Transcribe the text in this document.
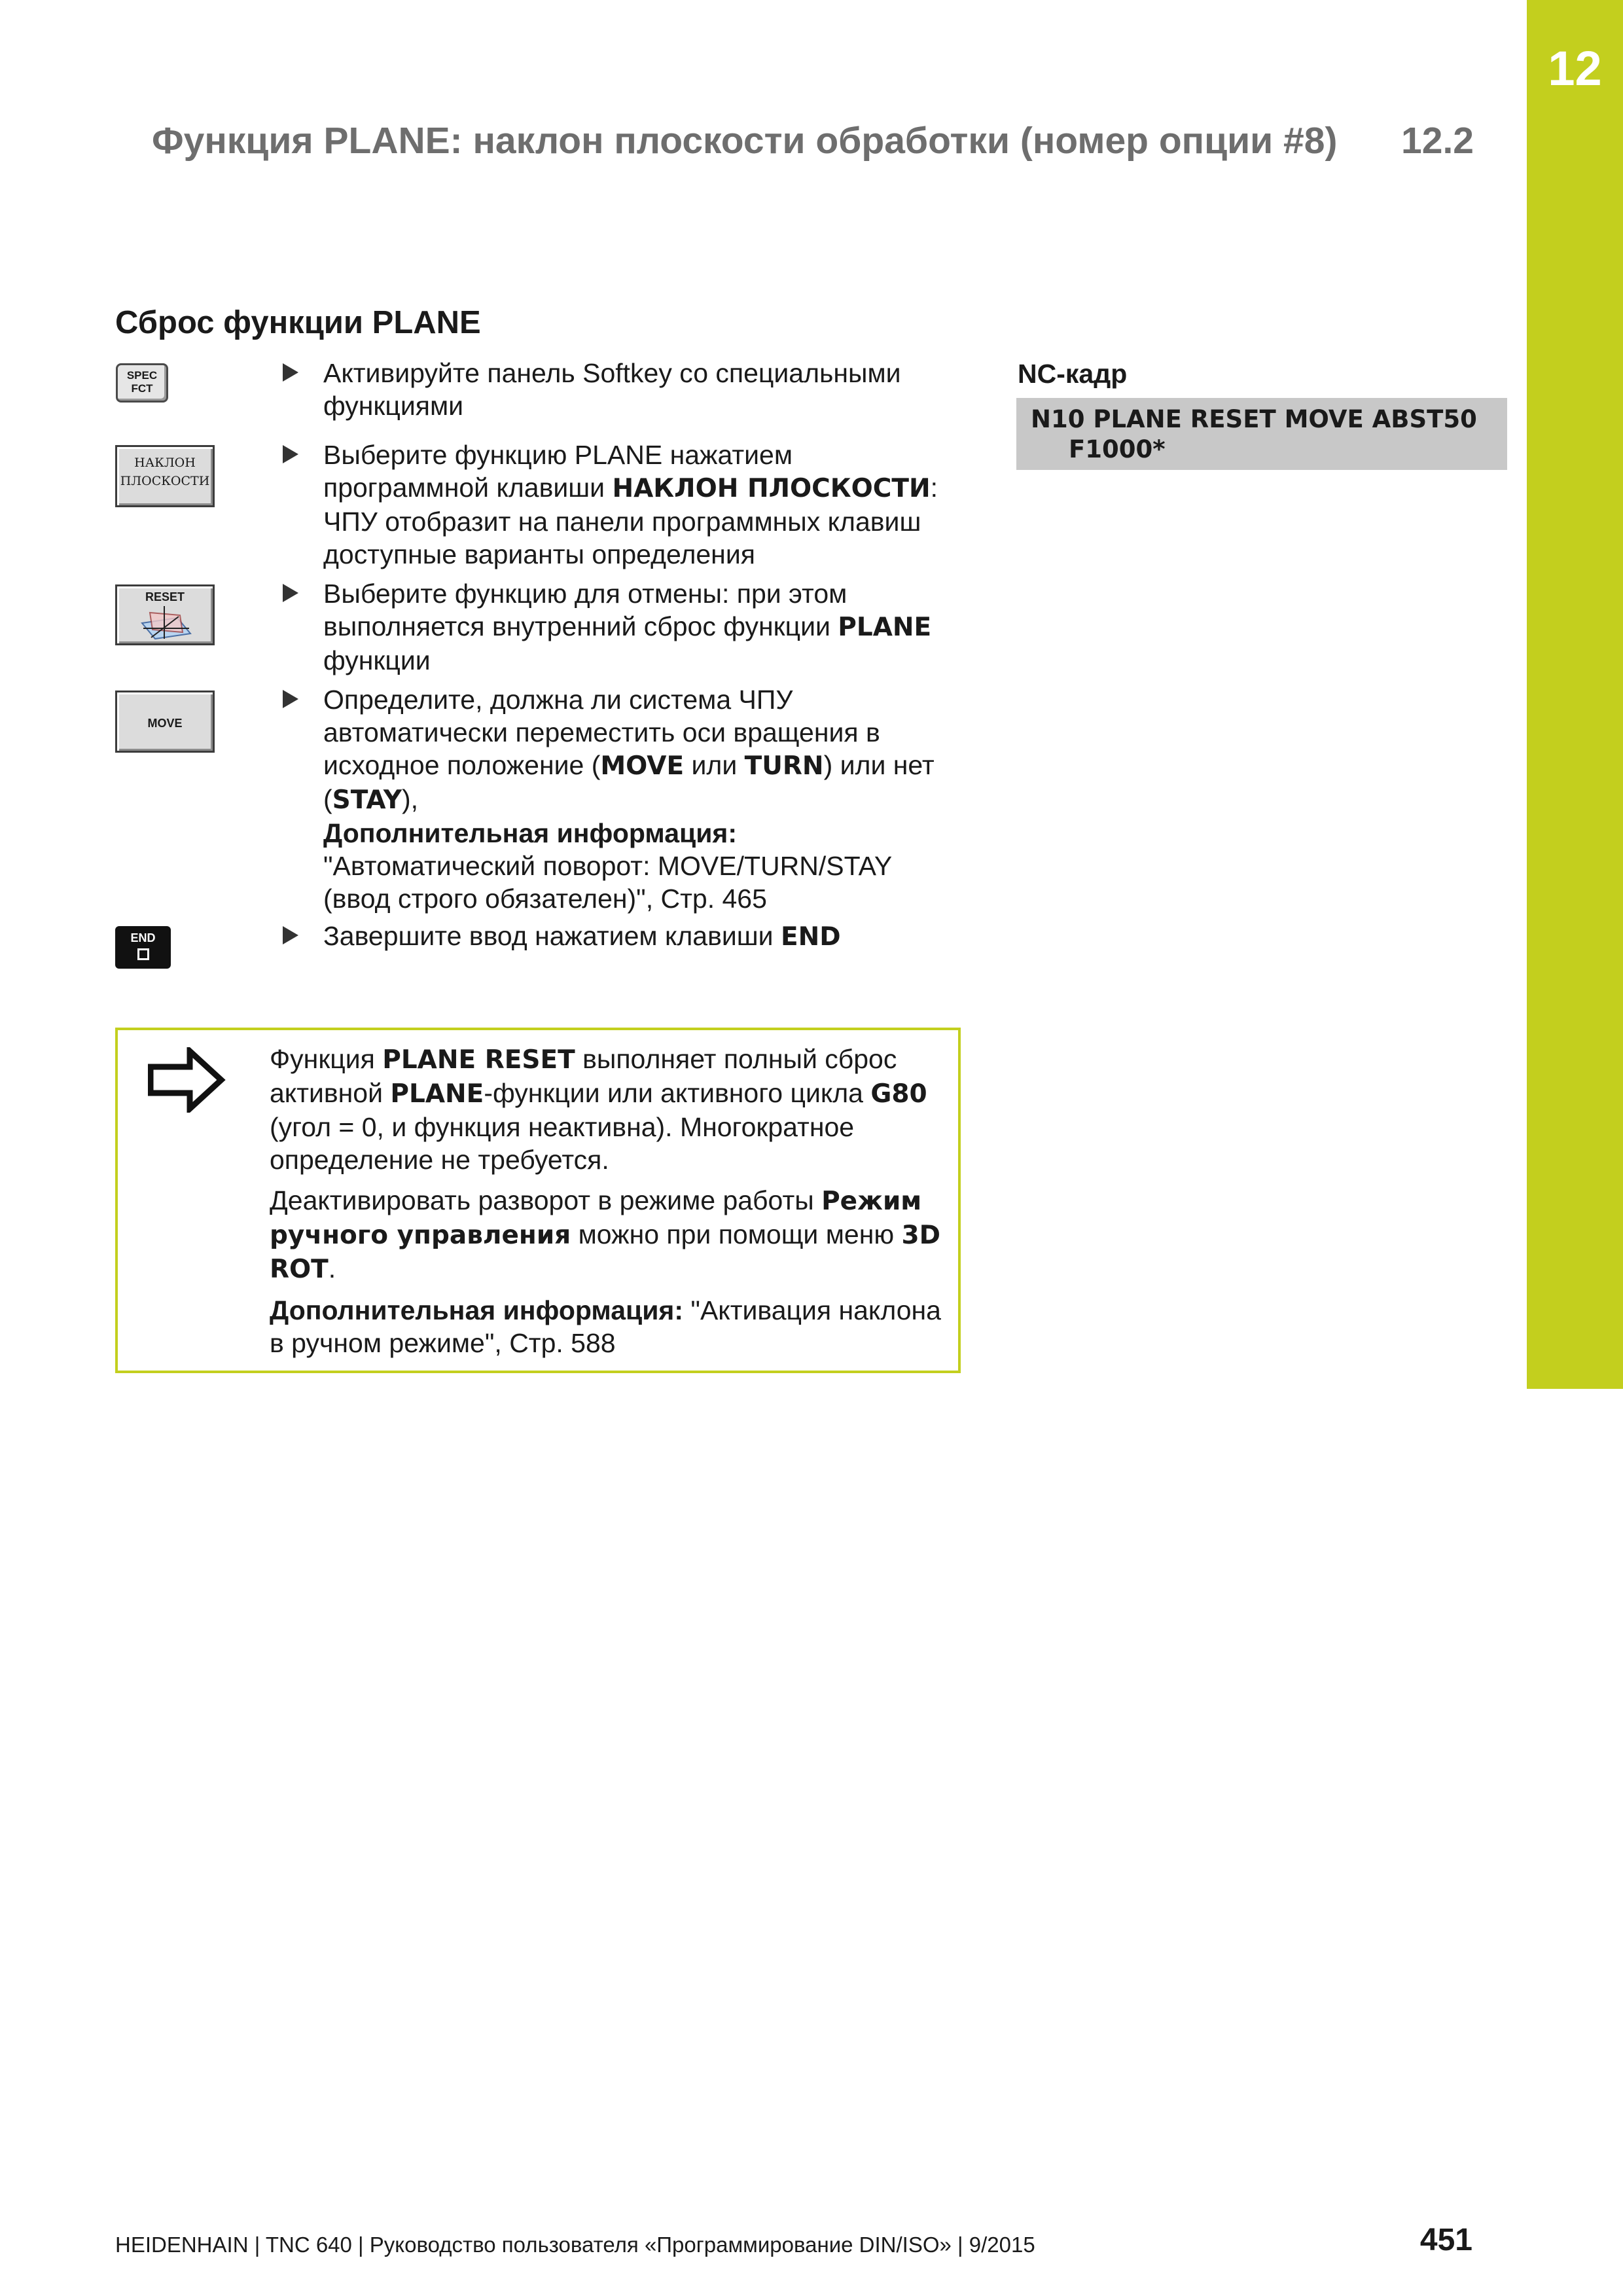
12
Функция PLANE: наклон плоскости обработки (номер опции #8) 12.2
Сброс функции PLANE
SPEC
FCT
НАКЛОН
ПЛОСКОСТИ
RESET
MOVE
END
Активируйте панель Softkey со специальными функциями
Выберите функцию PLANE нажатием программной клавиши НАКЛОН ПЛОСКОСТИ: ЧПУ отобразит на панели программных клавиш доступные варианты определения
Выберите функцию для отмены: при этом выполняется внутренний сброс функции PLANE функции
Определите, должна ли система ЧПУ автоматически переместить оси вращения в исходное положение (MOVE или TURN) или нет (STAY),
Дополнительная информация:
"Автоматический поворот: MOVE/TURN/STAY (ввод строго обязателен)", Стр. 465
Завершите ввод нажатием клавиши END
NC-кадр
N10 PLANE RESET MOVE ABST50
F1000*

Функция PLANE RESET выполняет полный сброс активной PLANE-функции или активного цикла G80 (угол = 0, и функция неактивна). Многократное определение не требуется.

Деактивировать разворот в режиме работы Режим ручного управления можно при помощи меню 3D ROT.

Дополнительная информация: "Активация наклона в ручном режиме", Стр. 588

HEIDENHAIN | TNC 640 | Руководство пользователя «Программирование DIN/ISO» | 9/2015	451
